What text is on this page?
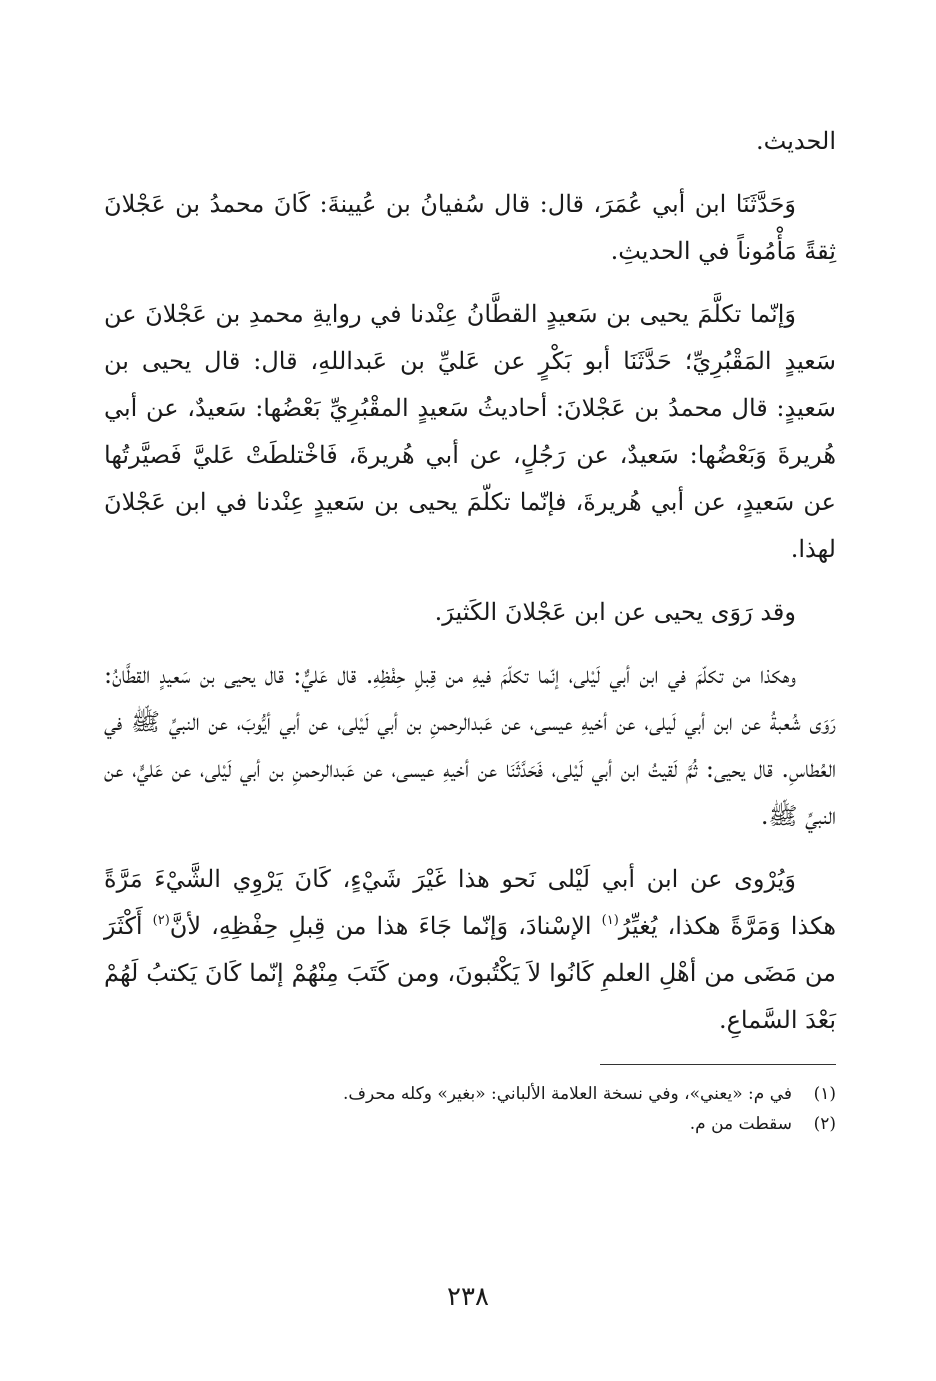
الحديث.

وَحَدَّثَنَا ابن أبي عُمَرَ، قال: قال سُفيانُ بن عُيينةَ: كَانَ محمدُ بن عَجْلانَ ثِقةً مَأْمُوناً في الحديثِ.

وَإنّما تكلَّمَ يحيى بن سَعيدٍ القطَّانُ عِنْدنا في روايةِ محمدِ بن عَجْلانَ عن سَعيدٍ المَقْبُرِيِّ؛ حَدَّثَنَا أبو بَكْرٍ عن عَليِّ بن عَبداللهِ، قال: قال يحيى بن سَعيدٍ: قال محمدُ بن عَجْلانَ: أحاديثُ سَعيدٍ المقْبُرِيِّ بَعْضُها: سَعيدٌ، عن أبي هُريرةَ وَبَعْضُها: سَعيدٌ، عن رَجُلٍ، عن أبي هُريرةَ، فَاخْتلطَتْ عَليَّ فَصيَّرتُها عن سَعيدٍ، عن أبي هُريرةَ، فإنّما تكلّمَ يحيى بن سَعيدٍ عِنْدنا في ابن عَجْلانَ لهذا.

وقد رَوَى يحيى عن ابن عَجْلانَ الكَثيرَ.

وهكذا من تكلّمَ في ابن أبي لَيْلى، إنّما تكلّمَ فيهِ من قِبلِ حِفْظِهِ. قال عَليٌّ: قال يحيى بن سَعيدٍ القطَّانُ: رَوَى شُعبةُ عن ابن أبي لَيلى، عن أخيهِ عيسى، عن عَبدالرحمنِ بن أبي لَيْلى، عن أبي أيُّوبَ، عن النبيِّ ﷺ في العُطاسِ. قال يحيى: ثُمَّ لَقيتُ ابن أبي لَيْلى، فَحَدَّثَنَا عن أخيهِ عيسى، عن عَبدالرحمنِ بن أبي لَيْلى، عن عَليٍّ، عن النبيِّ ﷺ.

وَيُرْوى عن ابن أبي لَيْلى نَحو هذا غَيْرَ شَيْءٍ، كَانَ يَرْوِي الشَّيْءَ مَرَّةً هكذا وَمَرَّةً هكذا، يُغيِّرُ$^{(١)}$ الإسْنادَ، وَإنّما جَاءَ هذا من قِبلِ حِفْظِهِ، لأنَّ$^{(٢)}$ أَكْثَرَ من مَضَى من أهْلِ العلمِ كَانُوا لاَ يَكْتُبونَ، ومن كَتَبَ مِنْهُمْ إنّما كَانَ يَكتبُ لَهُمْ بَعْدَ السَّماعِ.

(١)
في م: «يعني»، وفي نسخة العلامة الألباني: «بغير» وكله محرف.

(٢)
سقطت من م.

٢٣٨
